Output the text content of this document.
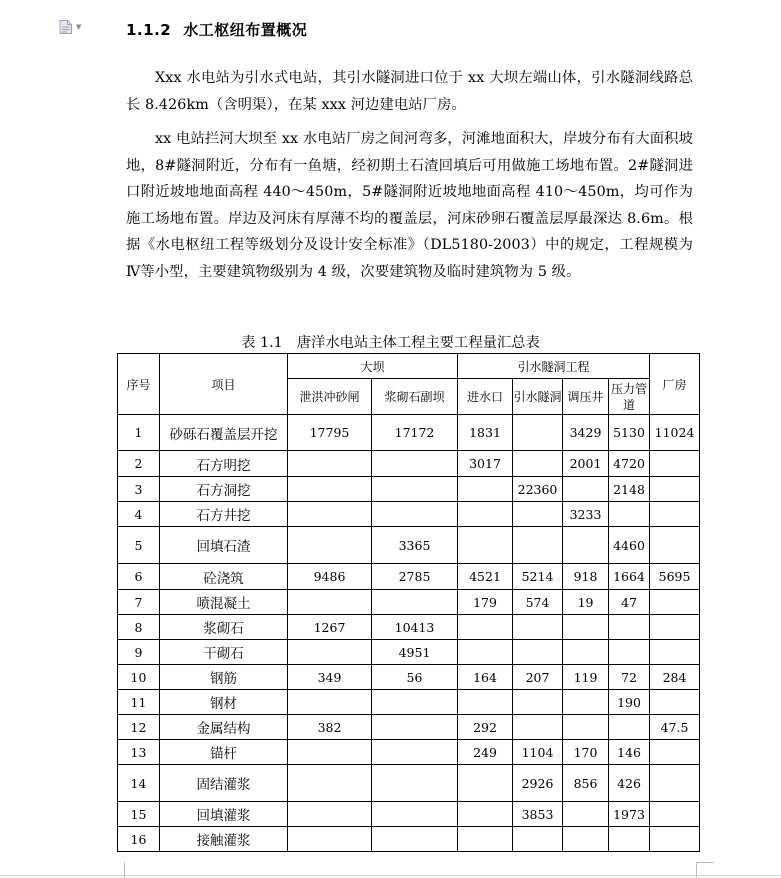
▼	1.1.2 水工枢纽布置概况

Xxx 水电站为引水式电站，其引水隧洞进口位于 xx 大坝左端山体，引水隧洞线路总长 8.426km（含明渠），在某 xxx 河边建电站厂房。

xx 电站拦河大坝至 xx 水电站厂房之间河弯多，河滩地面积大，岸坡分布有大面积坡地，8#隧洞附近，分布有一鱼塘，经初期土石渣回填后可用做施工场地布置。2#隧洞进口附近坡地地面高程 440～450m，5#隧洞附近坡地地面高程 410～450m，均可作为施工场地布置。岸边及河床有厚薄不均的覆盖层，河床砂卵石覆盖层厚最深达 8.6m。根据《水电枢纽工程等级划分及设计安全标准》（DL5180-2003）中的规定，工程规模为Ⅳ等小型，主要建筑物级别为 4 级，次要建筑物及临时建筑物为 5 级。

表 1.1 唐洋水电站主体工程主要工程量汇总表
序号	项目	大坝		引水隧洞工程				厂房
		泄洪冲砂闸	浆砌石副坝	进水口	引水隧洞	调压井	压力管道	
1	砂砾石覆盖层开挖	17795	17172	1831		3429	5130	11024
2	石方明挖			3017		2001	4720	
3	石方洞挖				22360		2148	
4	石方井挖					3233		
5	回填石渣		3365				4460	
6	砼浇筑	9486	2785	4521	5214	918	1664	5695
7	喷混凝土			179	574	19	47	
8	浆砌石	1267	10413					
9	干砌石		4951					
10	钢筋	349	56	164	207	119	72	284
11	钢材						190	
12	金属结构	382		292				47.5
13	锚杆			249	1104	170	146	
14	固结灌浆				2926	856	426	
15	回填灌浆				3853		1973	
16	接触灌浆							
